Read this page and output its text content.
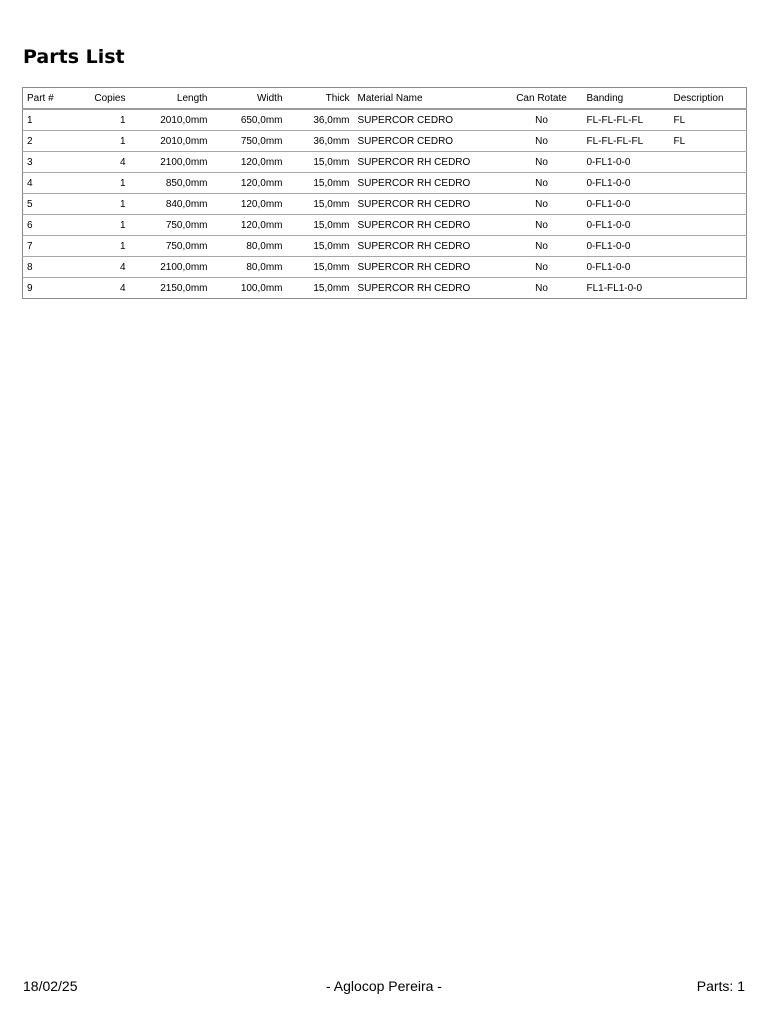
Parts List
Part #	Copies	Length	Width	Thick	Material Name	Can Rotate	Banding	Description
1	1	2010,0mm	650,0mm	36,0mm	SUPERCOR CEDRO	No	FL-FL-FL-FL	FL
2	1	2010,0mm	750,0mm	36,0mm	SUPERCOR CEDRO	No	FL-FL-FL-FL	FL
3	4	2100,0mm	120,0mm	15,0mm	SUPERCOR RH CEDRO	No	0-FL1-0-0	
4	1	850,0mm	120,0mm	15,0mm	SUPERCOR RH CEDRO	No	0-FL1-0-0	
5	1	840,0mm	120,0mm	15,0mm	SUPERCOR RH CEDRO	No	0-FL1-0-0	
6	1	750,0mm	120,0mm	15,0mm	SUPERCOR RH CEDRO	No	0-FL1-0-0	
7	1	750,0mm	80,0mm	15,0mm	SUPERCOR RH CEDRO	No	0-FL1-0-0	
8	4	2100,0mm	80,0mm	15,0mm	SUPERCOR RH CEDRO	No	0-FL1-0-0	
9	4	2150,0mm	100,0mm	15,0mm	SUPERCOR RH CEDRO	No	FL1-FL1-0-0	
18/02/25	- Aglocop Pereira -	Parts: 1
